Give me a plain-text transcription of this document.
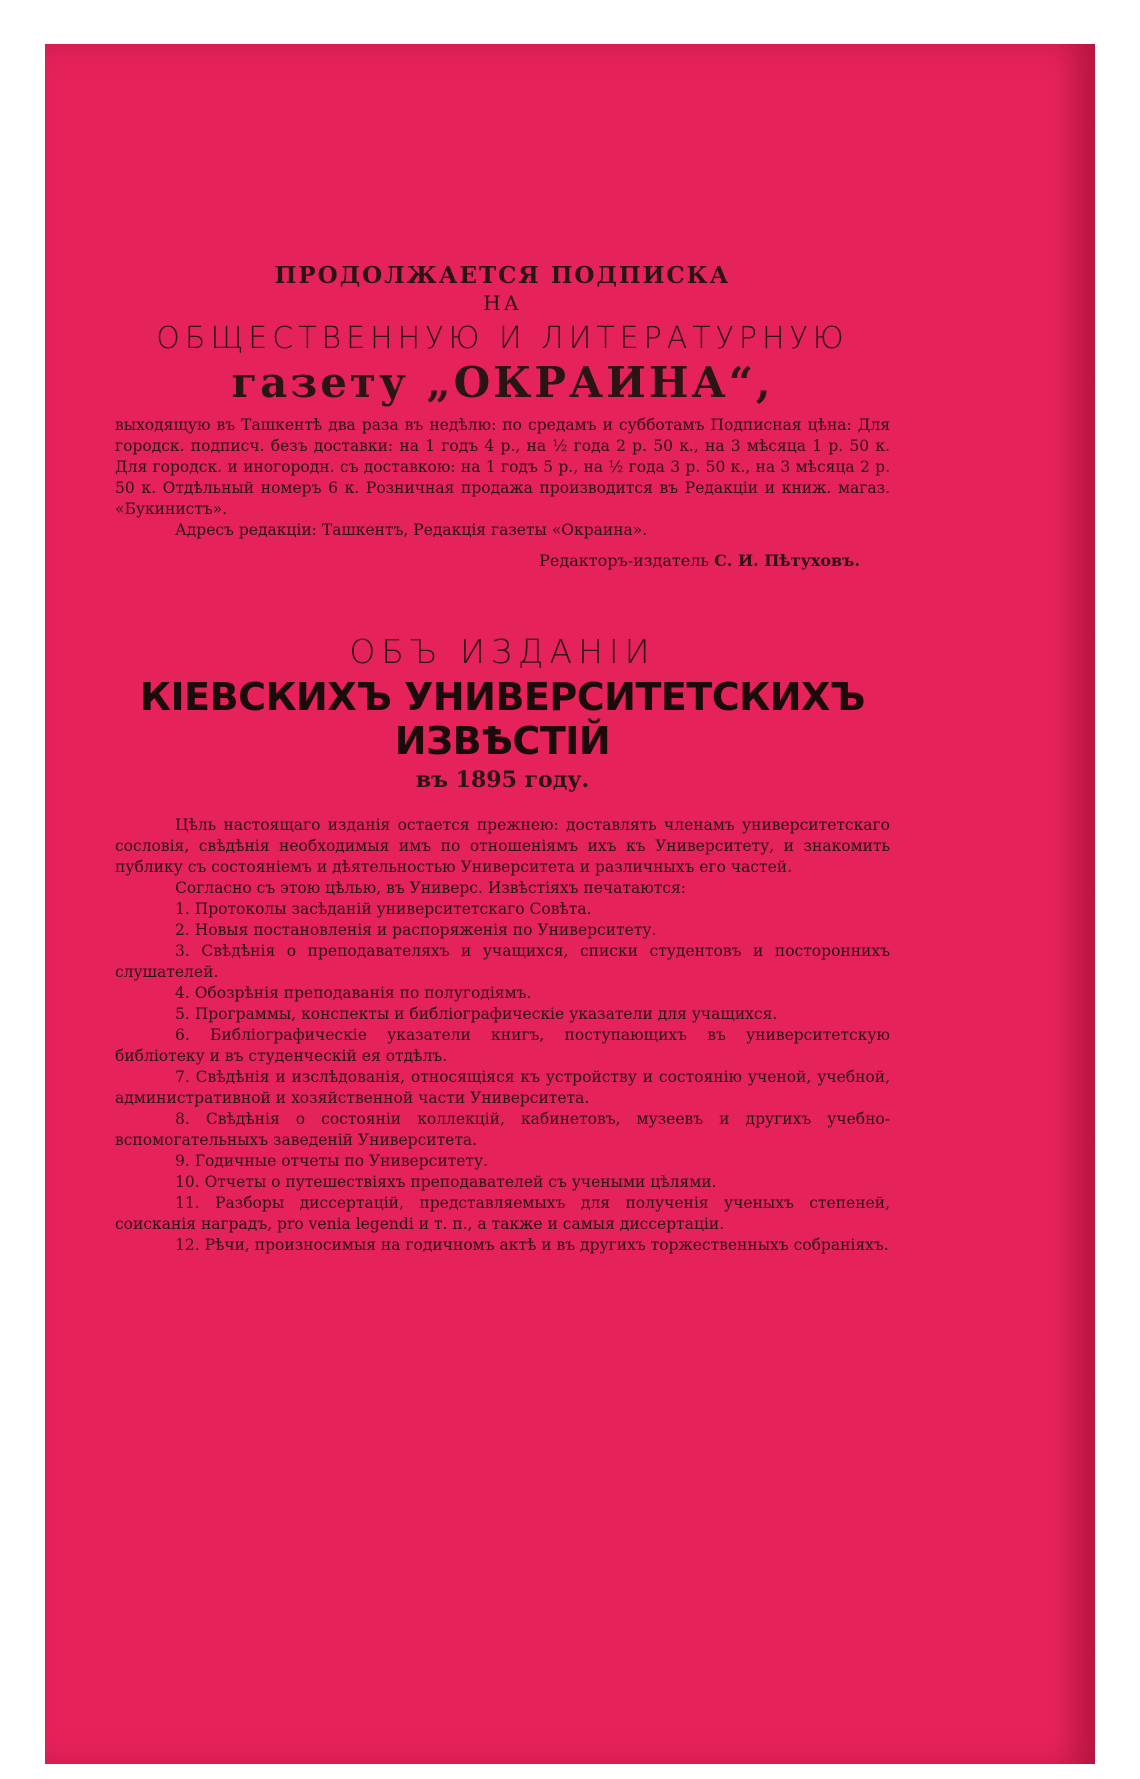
ПРОДОЛЖАЕТСЯ ПОДПИСКА
НА
ОБЩЕСТВЕННУЮ И ЛИТЕРАТУРНУЮ
газету „ОКРАИНА“,
выходящую въ Ташкентѣ два раза въ недѣлю: по средамъ и субботамъ Подписная цѣна: Для городск. подписч. безъ доставки: на 1 годъ 4 р., на ½ года 2 р. 50 к., на 3 мѣсяца 1 р. 50 к. Для городск. и иногородн. съ доставкою: на 1 годъ 5 р., на ½ года 3 р. 50 к., на 3 мѣсяца 2 р. 50 к. Отдѣльный номеръ 6 к. Розничная продажа производится въ Редакціи и книж. магаз. «Букинистъ».
Адресъ редакціи: Ташкентъ, Редакція газеты «Окраина».
Редакторъ-издатель С. И. Пѣтуховъ.
ОБЪ ИЗДАНІИ
КІЕВСКИХЪ УНИВЕРСИТЕТСКИХЪ ИЗВѢСТІЙ
въ 1895 году.
Цѣль настоящаго изданія остается прежнею: доставлять членамъ университетскаго сословія, свѣдѣнія необходимыя имъ по отношеніямъ ихъ къ Университету, и знакомить публику съ состояніемъ и дѣятельностью Университета и различныхъ его частей.
Согласно съ этою цѣлью, въ Универс. Извѣстіяхъ печатаются:
1. Протоколы засѣданій университетскаго Совѣта.
2. Новыя постановленія и распоряженія по Университету.
3. Свѣдѣнія о преподавателяхъ и учащихся, списки студентовъ и постороннихъ слушателей.
4. Обозрѣнія преподаванія по полугодіямъ.
5. Программы, конспекты и библіографическіе указатели для учащихся.
6. Библіографическіе указатели книгъ, поступающихъ въ университетскую библіотеку и въ студенческій ея отдѣлъ.
7. Свѣдѣнія и изслѣдованія, относящіяся къ устройству и состоянію ученой, учебной, административной и хозяйственной части Университета.
8. Свѣдѣнія о состояніи коллекцій, кабинетовъ, музеевъ и другихъ учебно-вспомогательныхъ заведеній Университета.
9. Годичные отчеты по Университету.
10. Отчеты о путешествіяхъ преподавателей съ учеными цѣлями.
11. Разборы диссертацій, представляемыхъ для полученія ученыхъ степеней, соисканія наградъ, pro venia legendi и т. п., а также и самыя диссертаціи.
12. Рѣчи, произносимыя на годичномъ актѣ и въ другихъ торжественныхъ собраніяхъ.
